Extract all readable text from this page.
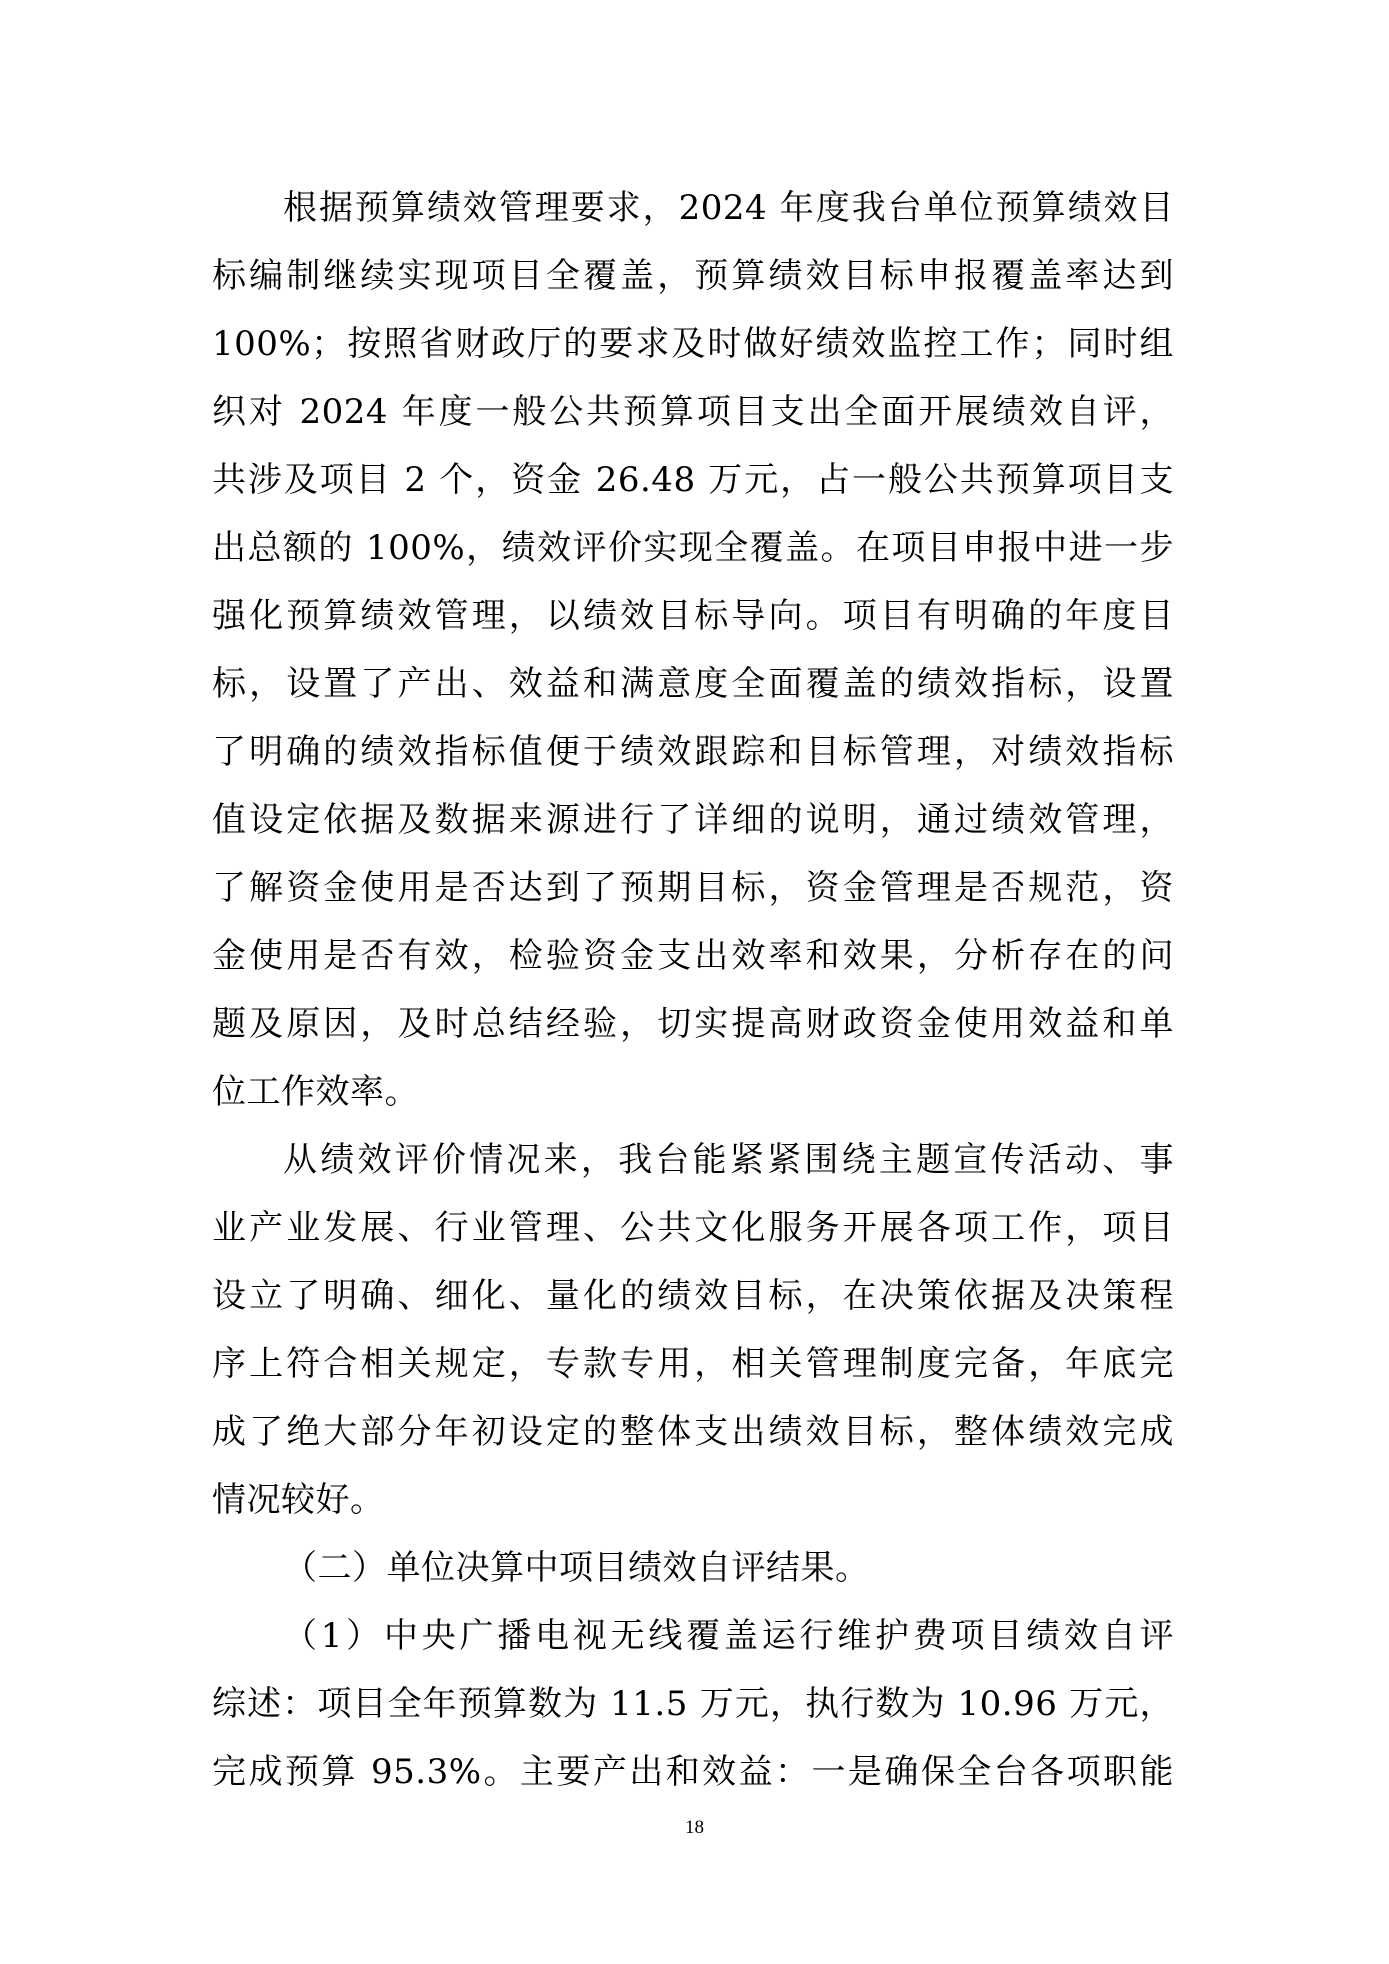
根据预算绩效管理要求，2024 年度我台单位预算绩效目
标编制继续实现项目全覆盖，预算绩效目标申报覆盖率达到
100%；按照省财政厅的要求及时做好绩效监控工作；同时组
织对 2024 年度一般公共预算项目支出全面开展绩效自评，
共涉及项目 2 个，资金 26.48 万元，占一般公共预算项目支
出总额的 100%，绩效评价实现全覆盖。在项目申报中进一步
强化预算绩效管理，以绩效目标导向。项目有明确的年度目
标，设置了产出、效益和满意度全面覆盖的绩效指标，设置
了明确的绩效指标值便于绩效跟踪和目标管理，对绩效指标
值设定依据及数据来源进行了详细的说明，通过绩效管理，
了解资金使用是否达到了预期目标，资金管理是否规范，资
金使用是否有效，检验资金支出效率和效果，分析存在的问
题及原因，及时总结经验，切实提高财政资金使用效益和单
位工作效率。
从绩效评价情况来，我台能紧紧围绕主题宣传活动、事
业产业发展、行业管理、公共文化服务开展各项工作，项目
设立了明确、细化、量化的绩效目标，在决策依据及决策程
序上符合相关规定，专款专用，相关管理制度完备，年底完
成了绝大部分年初设定的整体支出绩效目标，整体绩效完成
情况较好。
（二）单位决算中项目绩效自评结果。
（1）中央广播电视无线覆盖运行维护费项目绩效自评
综述：项目全年预算数为 11.5 万元，执行数为 10.96 万元，
完成预算 95.3%。主要产出和效益：一是确保全台各项职能
18
